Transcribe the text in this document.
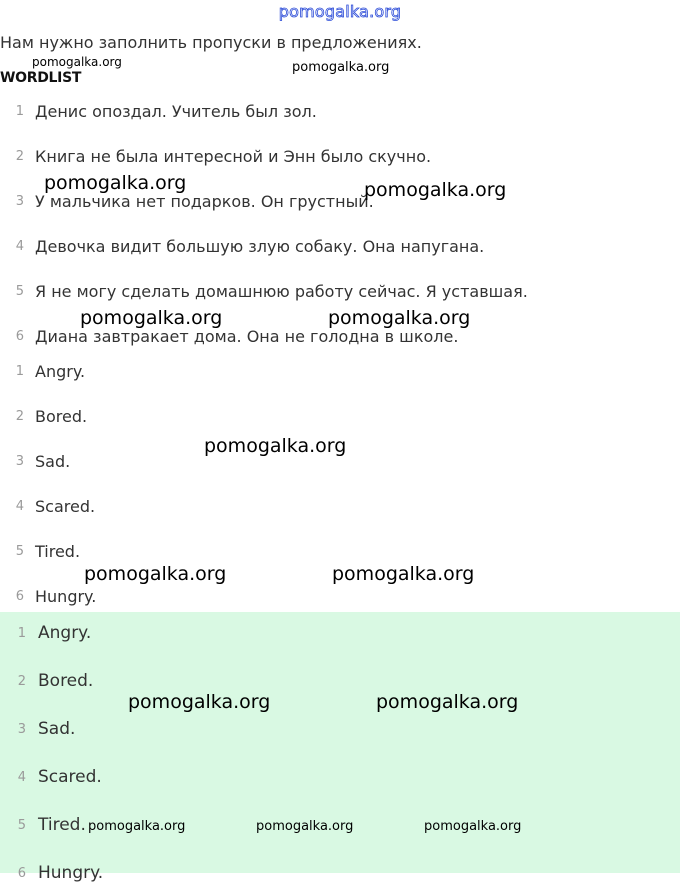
pomogalka.org
Нам нужно заполнить пропуски в предложениях.
WORDLIST
1 Денис опоздал. Учитель был зол.
2 Книга не была интересной и Энн было скучно.
3 У мальчика нет подарков. Он грустный.
4 Девочка видит большую злую собаку. Она напугана.
5 Я не могу сделать домашнюю работу сейчас. Я уставшая.
6 Диана завтракает дома. Она не голодна в школе.
1 Angry.
2 Bored.
3 Sad.
4 Scared.
5 Tired.
6 Hungry.
1 Angry.
2 Bored.
3 Sad.
4 Scared.
5 Tired.
6 Hungry.
pomogalka.org	pomogalka.org
pomogalka.org	pomogalka.org
pomogalka.org	pomogalka.org
pomogalka.org
pomogalka.org	pomogalka.org
pomogalka.org	pomogalka.org
pomogalka.org	pomogalka.org	pomogalka.org
